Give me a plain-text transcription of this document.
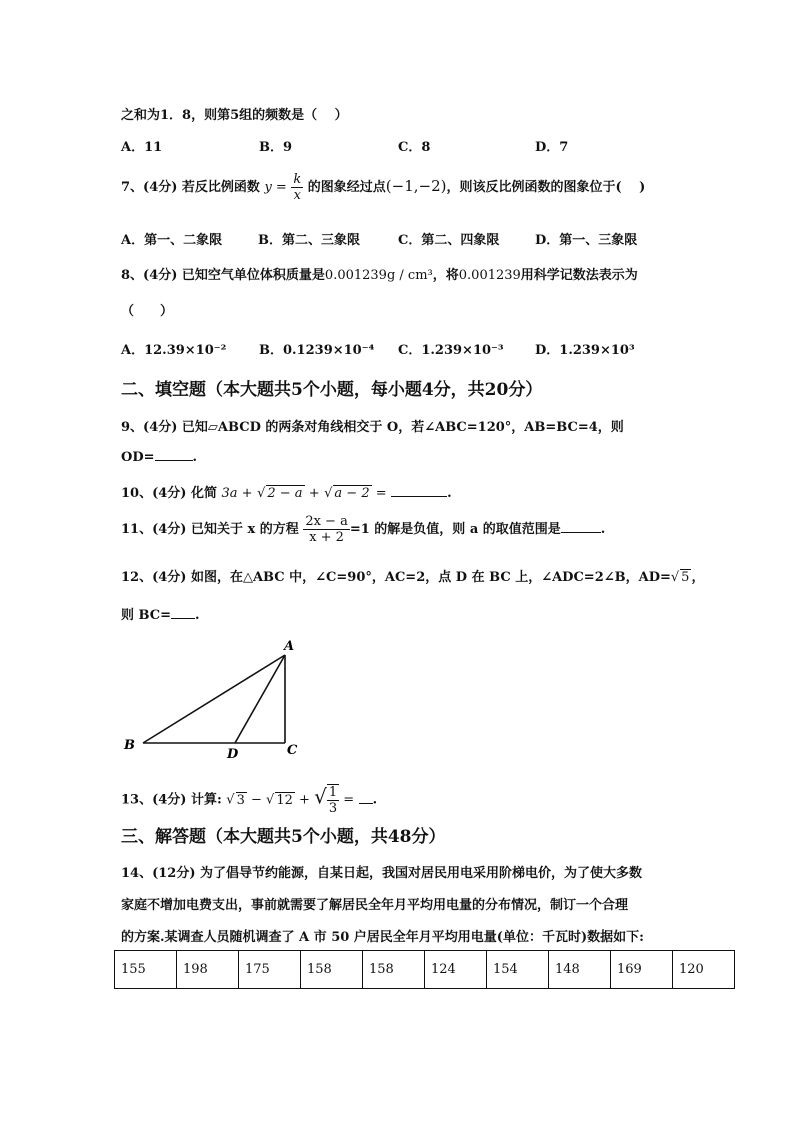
之和为1．8，则第5组的频数是（　 ）
A．11	B．9	C．8	D．7
7、(4分) 若反比例函数 $y = \frac{k}{x}$ 的图象经过点(−1,−2)，则该反比例函数的图象位于(　 )
A．第一、二象限	B．第二、三象限	C．第二、四象限	D．第一、三象限
8、(4分) 已知空气单位体积质量是0.001239g / cm³，将0.001239用科学记数法表示为
（　　）
A．12.39×10⁻²	B．0.1239×10⁻⁴ C．1.239×10⁻³ D．1.239×10³
二、填空题（本大题共5个小题，每小题4分，共20分）
9、(4分) 已知▱ABCD 的两条对角线相交于 O，若∠ABC=120°，AB=BC=4，则
OD=	.
10、(4分) 化简 3a + √ 2 − a + √ a − 2 =	.
11、(4分) 已知关于 x 的方程 $\frac{2x - a}{x + 2} =1$ 的解是负值，则 a 的取值范围是	.
12、(4分) 如图，在△ABC 中，∠C=90°，AC=2，点 D 在 BC 上，∠ADC=2∠B，AD=√ 5 ，
则 BC= .
A
B	C
D
13、(4分) 计算: √ 3 − √ 12 + √ $\frac{1}{3}$ = .
三、解答题（本大题共5个小题，共48分）
14、(12分) 为了倡导节约能源，自某日起，我国对居民用电采用阶梯电价，为了使大多数
家庭不增加电费支出，事前就需要了解居民全年月平均用电量的分布情况，制订一个合理
的方案.某调查人员随机调查了 A 市 50 户居民全年月平均用电量(单位：千瓦时)数据如下:
155	198	175	158	158	124	154	148	169	120
